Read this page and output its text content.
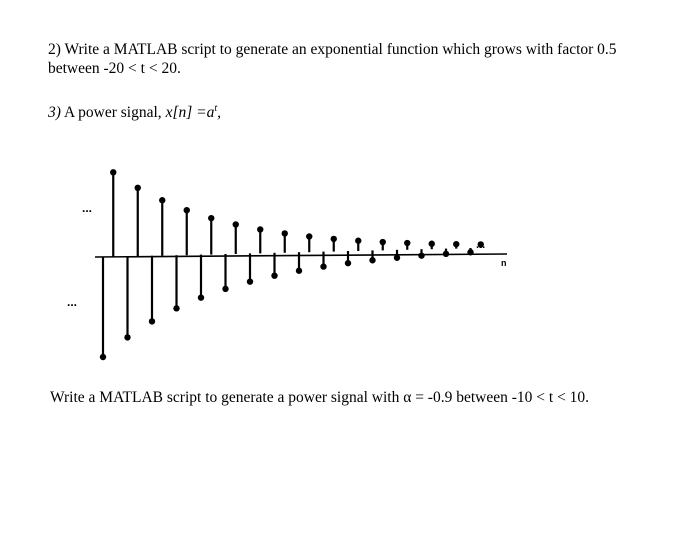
2) Write a MATLAB script to generate an exponential function which grows with factor 0.5
between -20 < t < 20.
3) A power signal, $x[n] =a^t$,
...
...
...
n
Write a MATLAB script to generate a power signal with α = -0.9 between -10 < t < 10.
